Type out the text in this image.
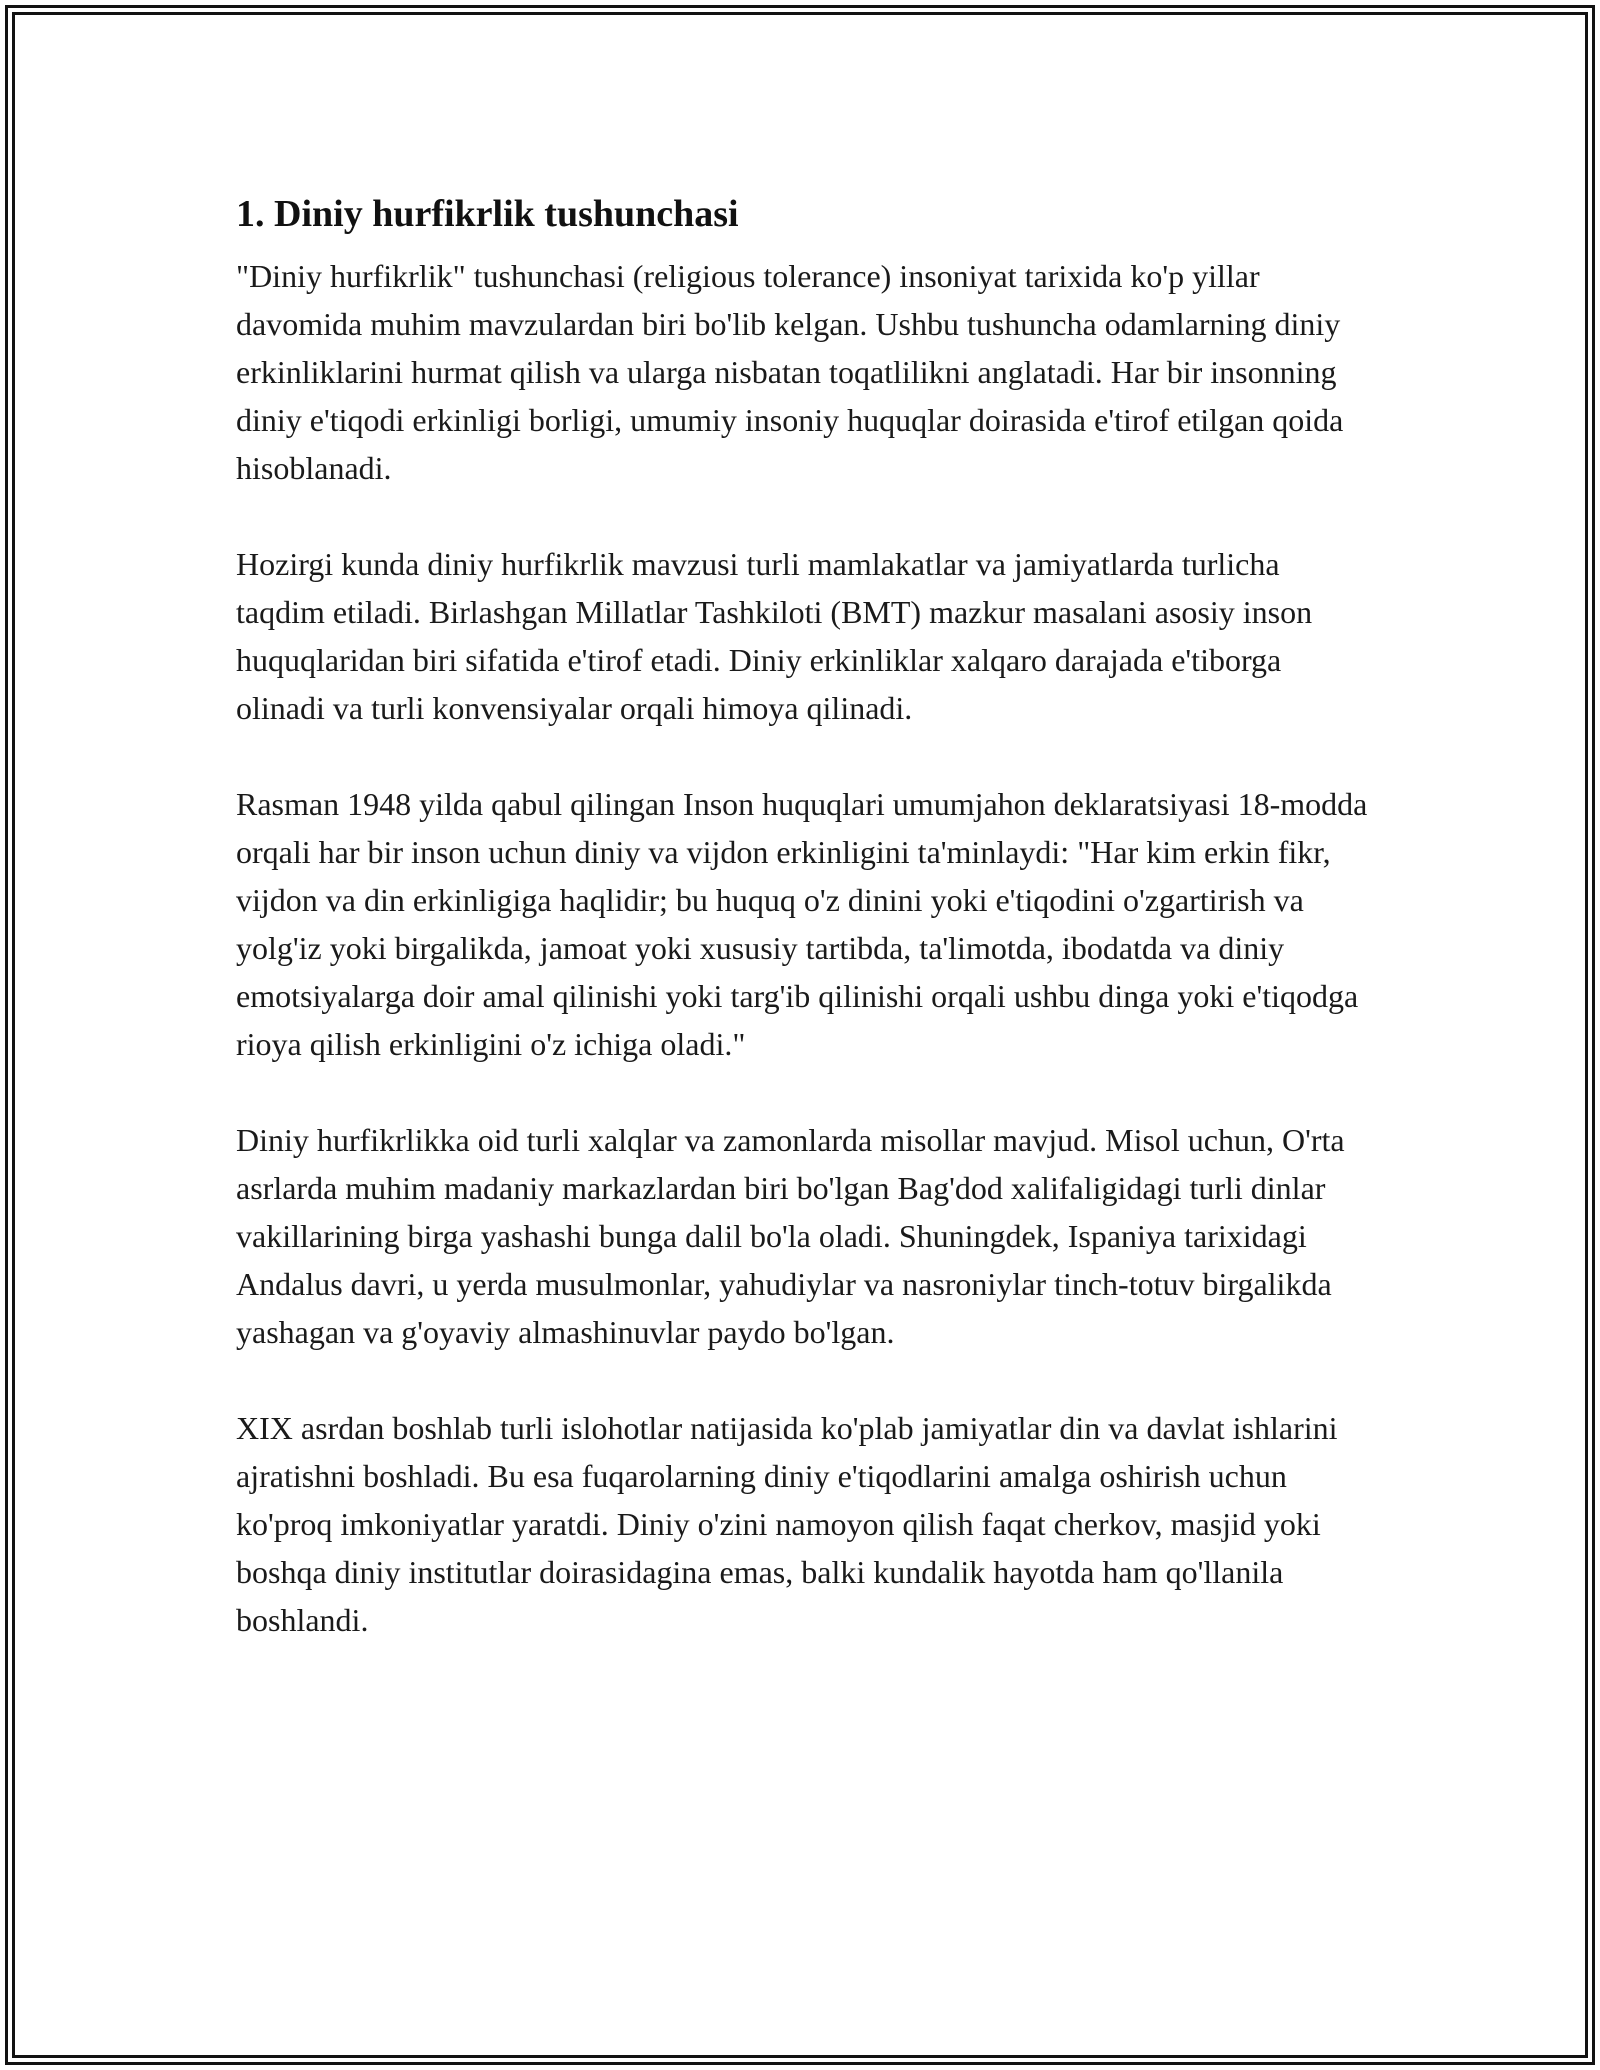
1. Diniy hurfikrlik tushunchasi

"Diniy hurfikrlik" tushunchasi (religious tolerance) insoniyat tarixida ko'p yillar davomida muhim mavzulardan biri bo'lib kelgan. Ushbu tushuncha odamlarning diniy erkinliklarini hurmat qilish va ularga nisbatan toqatlilikni anglatadi. Har bir insonning diniy e'tiqodi erkinligi borligi, umumiy insoniy huquqlar doirasida e'tirof etilgan qoida hisoblanadi.

Hozirgi kunda diniy hurfikrlik mavzusi turli mamlakatlar va jamiyatlarda turlicha taqdim etiladi. Birlashgan Millatlar Tashkiloti (BMT) mazkur masalani asosiy inson huquqlaridan biri sifatida e'tirof etadi. Diniy erkinliklar xalqaro darajada e'tiborga olinadi va turli konvensiyalar orqali himoya qilinadi.

Rasman 1948 yilda qabul qilingan Inson huquqlari umumjahon deklaratsiyasi 18-modda orqali har bir inson uchun diniy va vijdon erkinligini ta'minlaydi: "Har kim erkin fikr, vijdon va din erkinligiga haqlidir; bu huquq o'z dinini yoki e'tiqodini o'zgartirish va yolg'iz yoki birgalikda, jamoat yoki xususiy tartibda, ta'limotda, ibodatda va diniy emotsiyalarga doir amal qilinishi yoki targ'ib qilinishi orqali ushbu dinga yoki e'tiqodga rioya qilish erkinligini o'z ichiga oladi."

Diniy hurfikrlikka oid turli xalqlar va zamonlarda misollar mavjud. Misol uchun, O'rta asrlarda muhim madaniy markazlardan biri bo'lgan Bag'dod xalifaligidagi turli dinlar vakillarining birga yashashi bunga dalil bo'la oladi. Shuningdek, Ispaniya tarixidagi Andalus davri, u yerda musulmonlar, yahudiylar va nasroniylar tinch-totuv birgalikda yashagan va g'oyaviy almashinuvlar paydo bo'lgan.

XIX asrdan boshlab turli islohotlar natijasida ko'plab jamiyatlar din va davlat ishlarini ajratishni boshladi. Bu esa fuqarolarning diniy e'tiqodlarini amalga oshirish uchun ko'proq imkoniyatlar yaratdi. Diniy o'zini namoyon qilish faqat cherkov, masjid yoki boshqa diniy institutlar doirasidagina emas, balki kundalik hayotda ham qo'llanila boshlandi.
